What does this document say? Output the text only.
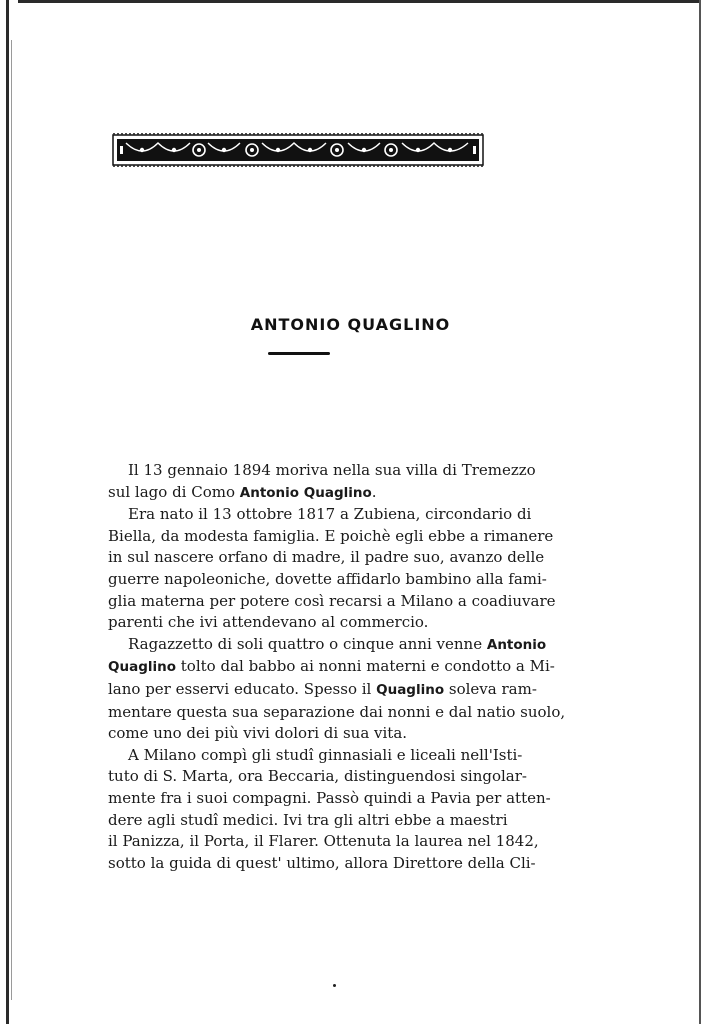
ANTONIO QUAGLINO
Il 13 gennaio 1894 moriva nella sua villa di Tremezzo
sul lago di Como Antonio Quaglino.
Era nato il 13 ottobre 1817 a Zubiena, circondario di
Biella, da modesta famiglia. E poichè egli ebbe a rimanere
in sul nascere orfano di madre, il padre suo, avanzo delle
guerre napoleoniche, dovette affidarlo bambino alla fami-
glia materna per potere così recarsi a Milano a coadiuvare
parenti che ivi attendevano al commercio.
Ragazzetto di soli quattro o cinque anni venne Antonio
Quaglino tolto dal babbo ai nonni materni e condotto a Mi-
lano per esservi educato. Spesso il Quaglino soleva ram-
mentare questa sua separazione dai nonni e dal natio suolo,
come uno dei più vivi dolori di sua vita.
A Milano compì gli studî ginnasiali e liceali nell'Isti-
tuto di S. Marta, ora Beccaria, distinguendosi singolar-
mente fra i suoi compagni. Passò quindi a Pavia per atten-
dere agli studî medici. Ivi tra gli altri ebbe a maestri
il Panizza, il Porta, il Flarer. Ottenuta la laurea nel 1842,
sotto la guida di quest' ultimo, allora Direttore della Cli-
